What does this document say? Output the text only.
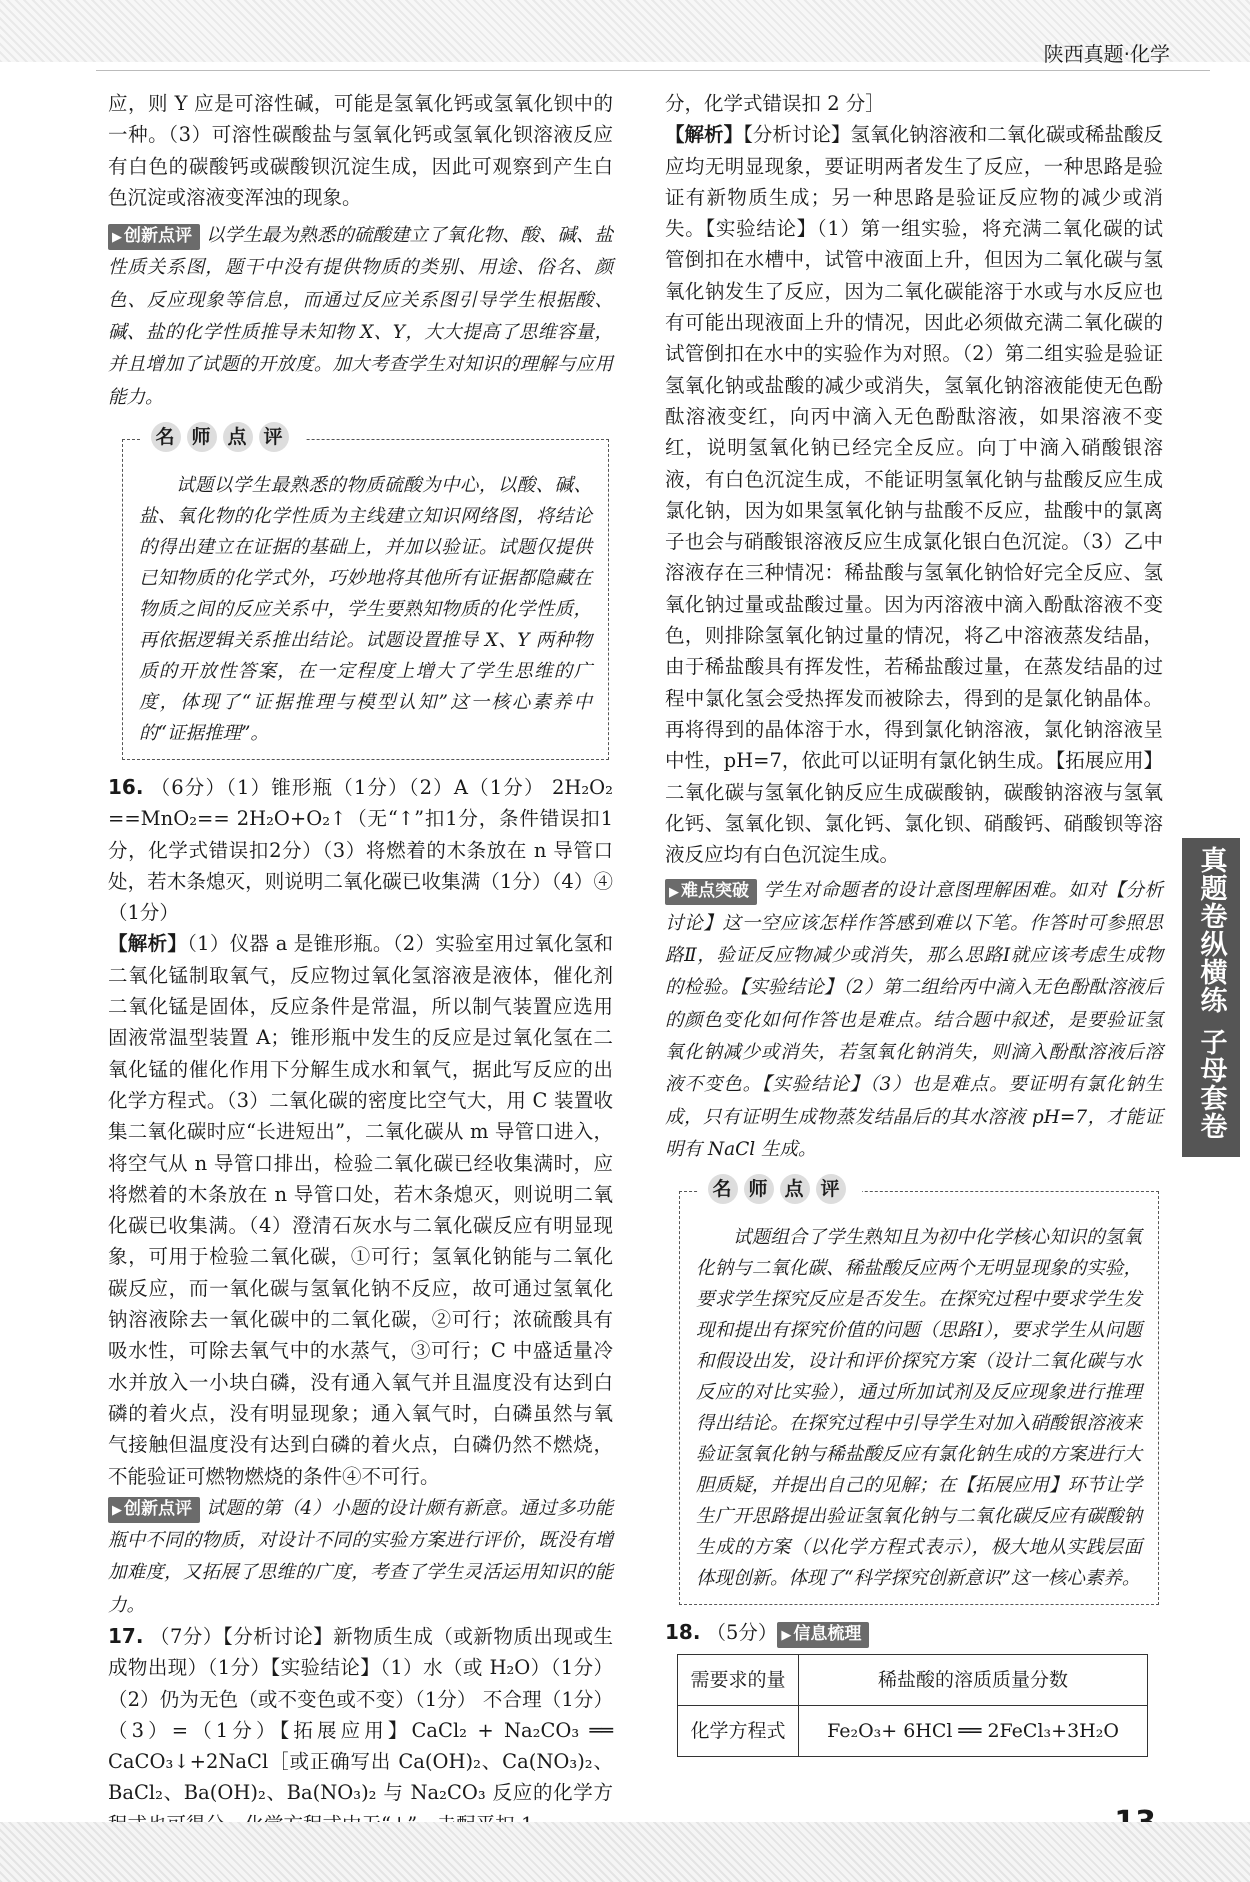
陕西真题·化学
真题卷纵横练
子母套卷

应，则 Y 应是可溶性碱，可能是氢氧化钙或氢氧化钡中的一种。（3）可溶性碳酸盐与氢氧化钙或氢氧化钡溶液反应有白色的碳酸钙或碳酸钡沉淀生成，因此可观察到产生白色沉淀或溶液变浑浊的现象。

▶ 创新点评 以学生最为熟悉的硫酸建立了氧化物、酸、碱、盐性质关系图，题干中没有提供物质的类别、用途、俗名、颜色、反应现象等信息，而通过反应关系图引导学生根据酸、碱、盐的化学性质推导未知物 X、Y，大大提高了思维容量，并且增加了试题的开放度。加大考查学生对知识的理解与应用能力。

名 师 点 评

试题以学生最熟悉的物质硫酸为中心，以酸、碱、盐、氧化物的化学性质为主线建立知识网络图，将结论的得出建立在证据的基础上，并加以验证。试题仅提供已知物质的化学式外，巧妙地将其他所有证据都隐藏在物质之间的反应关系中，学生要熟知物质的化学性质，再依据逻辑关系推出结论。试题设置推导 X、Y 两种物质的开放性答案，在一定程度上增大了学生思维的广度，体现了“证据推理与模型认知”这一核心素养中的“证据推理”。

16. （6分）（1）锥形瓶（1分）（2）A（1分） 2H₂O₂ ==MnO₂== 2H₂O+O₂↑（无“↑”扣1分，条件错误扣1分，化学式错误扣2分）（3）将燃着的木条放在 n 导管口处，若木条熄灭，则说明二氧化碳已收集满（1分）（4）④（1分）

【解析】（1）仪器 a 是锥形瓶。（2）实验室用过氧化氢和二氧化锰制取氧气，反应物过氧化氢溶液是液体，催化剂二氧化锰是固体，反应条件是常温，所以制气装置应选用固液常温型装置 A；锥形瓶中发生的反应是过氧化氢在二氧化锰的催化作用下分解生成水和氧气，据此写反应的出化学方程式。（3）二氧化碳的密度比空气大，用 C 装置收集二氧化碳时应“长进短出”，二氧化碳从 m 导管口进入，将空气从 n 导管口排出，检验二氧化碳已经收集满时，应将燃着的木条放在 n 导管口处，若木条熄灭，则说明二氧化碳已收集满。（4）澄清石灰水与二氧化碳反应有明显现象，可用于检验二氧化碳，①可行；氢氧化钠能与二氧化碳反应，而一氧化碳与氢氧化钠不反应，故可通过氢氧化钠溶液除去一氧化碳中的二氧化碳，②可行；浓硫酸具有吸水性，可除去氧气中的水蒸气，③可行；C 中盛适量冷水并放入一小块白磷，没有通入氧气并且温度没有达到白磷的着火点，没有明显现象；通入氧气时，白磷虽然与氧气接触但温度没有达到白磷的着火点，白磷仍然不燃烧，不能验证可燃物燃烧的条件④不可行。

▶ 创新点评 试题的第（4）小题的设计颇有新意。通过多功能瓶中不同的物质，对设计不同的实验方案进行评价，既没有增加难度，又拓展了思维的广度，考查了学生灵活运用知识的能力。

17. （7分）【分析讨论】新物质生成（或新物质出现或生成物出现）（1分）【实验结论】（1）水（或 H₂O）（1分）（2）仍为无色（或不变色或不变）（1分） 不合理（1分）（3）=（1分）【拓展应用】CaCl₂ + Na₂CO₃ ══ CaCO₃↓+2NaCl［或正确写出 Ca(OH)₂、Ca(NO₃)₂、BaCl₂、Ba(OH)₂、Ba(NO₃)₂ 与 Na₂CO₃ 反应的化学方

分，化学式错误扣 2 分］

【解析】【分析讨论】氢氧化钠溶液和二氧化碳或稀盐酸反应均无明显现象，要证明两者发生了反应，一种思路是验证有新物质生成；另一种思路是验证反应物的减少或消失。【实验结论】（1）第一组实验，将充满二氧化碳的试管倒扣在水槽中，试管中液面上升，但因为二氧化碳与氢氧化钠发生了反应，因为二氧化碳能溶于水或与水反应也有可能出现液面上升的情况，因此必须做充满二氧化碳的试管倒扣在水中的实验作为对照。（2）第二组实验是验证氢氧化钠或盐酸的减少或消失，氢氧化钠溶液能使无色酚酞溶液变红，向丙中滴入无色酚酞溶液，如果溶液不变红，说明氢氧化钠已经完全反应。向丁中滴入硝酸银溶液，有白色沉淀生成，不能证明氢氧化钠与盐酸反应生成氯化钠，因为如果氢氧化钠与盐酸不反应，盐酸中的氯离子也会与硝酸银溶液反应生成氯化银白色沉淀。（3）乙中溶液存在三种情况：稀盐酸与氢氧化钠恰好完全反应、氢氧化钠过量或盐酸过量。因为丙溶液中滴入酚酞溶液不变色，则排除氢氧化钠过量的情况，将乙中溶液蒸发结晶，由于稀盐酸具有挥发性，若稀盐酸过量，在蒸发结晶的过程中氯化氢会受热挥发而被除去，得到的是氯化钠晶体。再将得到的晶体溶于水，得到氯化钠溶液，氯化钠溶液呈中性，pH=7，依此可以证明有氯化钠生成。【拓展应用】二氧化碳与氢氧化钠反应生成碳酸钠，碳酸钠溶液与氢氧化钙、氢氧化钡、氯化钙、氯化钡、硝酸钙、硝酸钡等溶液反应均有白色沉淀生成。

▶ 难点突破 学生对命题者的设计意图理解困难。如对【分析讨论】这一空应该怎样作答感到难以下笔。作答时可参照思路Ⅱ，验证反应物减少或消失，那么思路Ⅰ就应该考虑生成物的检验。【实验结论】（2）第二组给丙中滴入无色酚酞溶液后的颜色变化如何作答也是难点。结合题中叙述，是要验证氢氧化钠减少或消失，若氢氧化钠消失，则滴入酚酞溶液后溶液不变色。【实验结论】（3）也是难点。要证明有氯化钠生成，只有证明生成物蒸发结晶后的其水溶液 pH=7，才能证明有 NaCl 生成。

名 师 点 评

试题组合了学生熟知且为初中化学核心知识的氢氧化钠与二氧化碳、稀盐酸反应两个无明显现象的实验，要求学生探究反应是否发生。在探究过程中要求学生发现和提出有探究价值的问题（思路Ⅰ），要求学生从问题和假设出发，设计和评价探究方案（设计二氧化碳与水反应的对比实验），通过所加试剂及反应现象进行推理得出结论。在探究过程中引导学生对加入硝酸银溶液来验证氢氧化钠与稀盐酸反应有氯化钠生成的方案进行大胆质疑，并提出自己的见解；在【拓展应用】环节让学生广开思路提出验证氢氧化钠与二氧化碳反应有碳酸钠生成的方案（以化学方程式表示），极大地从实践层面体现创新。体现了“科学探究创新意识”这一核心素养。

18. （5分） ▶ 信息梳理

需要求的量	稀盐酸的溶质质量分数
化学方程式	Fe₂O₃+ 6HCl ══ 2FeCl₃+3H₂O
